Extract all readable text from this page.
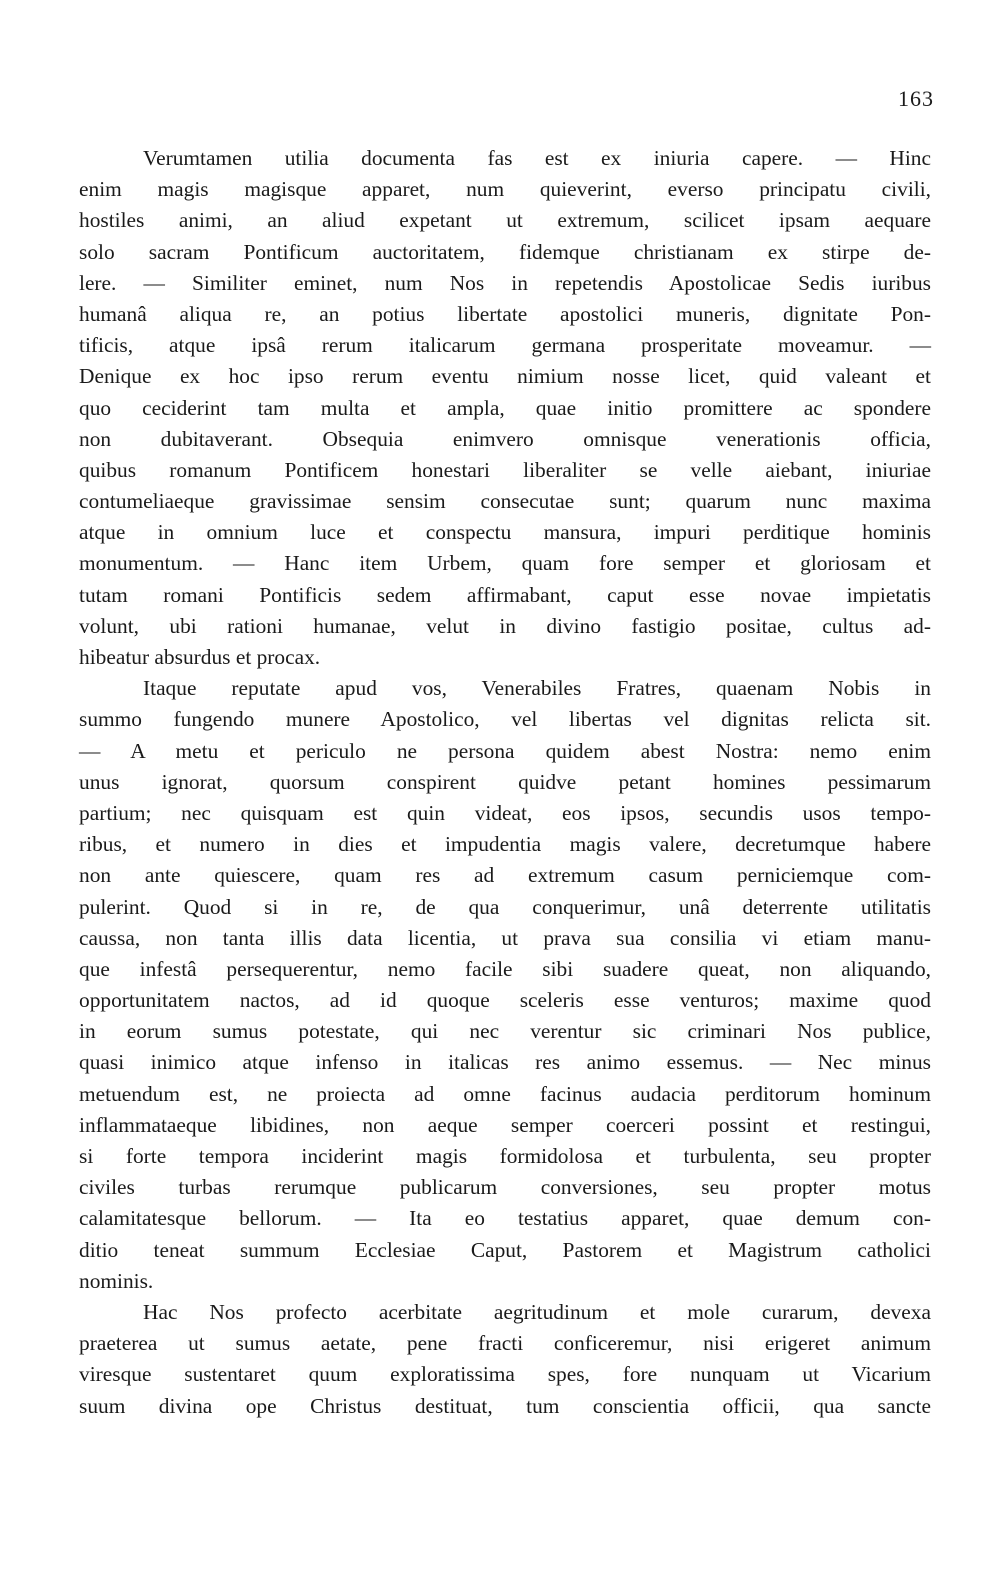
163
Verumtamen utilia documenta fas est ex iniuria capere. — Hinc
enim magis magisque apparet, num quieverint, everso principatu civili,
hostiles animi, an aliud expetant ut extremum, scilicet ipsam aequare
solo sacram Pontificum auctoritatem, fidemque christianam ex stirpe de-
lere. — Similiter eminet, num Nos in repetendis Apostolicae Sedis iuribus
humanâ aliqua re, an potius libertate apostolici muneris, dignitate Pon-
tificis, atque ipsâ rerum italicarum germana prosperitate moveamur. —
Denique ex hoc ipso rerum eventu nimium nosse licet, quid valeant et
quo ceciderint tam multa et ampla, quae initio promittere ac spondere
non dubitaverant. Obsequia enimvero omnisque venerationis officia,
quibus romanum Pontificem honestari liberaliter se velle aiebant, iniuriae
contumeliaeque gravissimae sensim consecutae sunt; quarum nunc maxima
atque in omnium luce et conspectu mansura, impuri perditique hominis
monumentum. — Hanc item Urbem, quam fore semper et gloriosam et
tutam romani Pontificis sedem affirmabant, caput esse novae impietatis
volunt, ubi rationi humanae, velut in divino fastigio positae, cultus ad-
hibeatur absurdus et procax.
Itaque reputate apud vos, Venerabiles Fratres, quaenam Nobis in
summo fungendo munere Apostolico, vel libertas vel dignitas relicta sit.
— A metu et periculo ne persona quidem abest Nostra: nemo enim
unus ignorat, quorsum conspirent quidve petant homines pessimarum
partium; nec quisquam est quin videat, eos ipsos, secundis usos tempo-
ribus, et numero in dies et impudentia magis valere, decretumque habere
non ante quiescere, quam res ad extremum casum perniciemque com-
pulerint. Quod si in re, de qua conquerimur, unâ deterrente utilitatis
caussa, non tanta illis data licentia, ut prava sua consilia vi etiam manu-
que infestâ persequerentur, nemo facile sibi suadere queat, non aliquando,
opportunitatem nactos, ad id quoque sceleris esse venturos; maxime quod
in eorum sumus potestate, qui nec verentur sic criminari Nos publice,
quasi inimico atque infenso in italicas res animo essemus. — Nec minus
metuendum est, ne proiecta ad omne facinus audacia perditorum hominum
inflammataeque libidines, non aeque semper coerceri possint et restingui,
si forte tempora inciderint magis formidolosa et turbulenta, seu propter
civiles turbas rerumque publicarum conversiones, seu propter motus
calamitatesque bellorum. — Ita eo testatius apparet, quae demum con-
ditio teneat summum Ecclesiae Caput, Pastorem et Magistrum catholici
nominis.
Hac Nos profecto acerbitate aegritudinum et mole curarum, devexa
praeterea ut sumus aetate, pene fracti conficeremur, nisi erigeret animum
viresque sustentaret quum exploratissima spes, fore nunquam ut Vicarium
suum divina ope Christus destituat, tum conscientia officii, qua sancte
